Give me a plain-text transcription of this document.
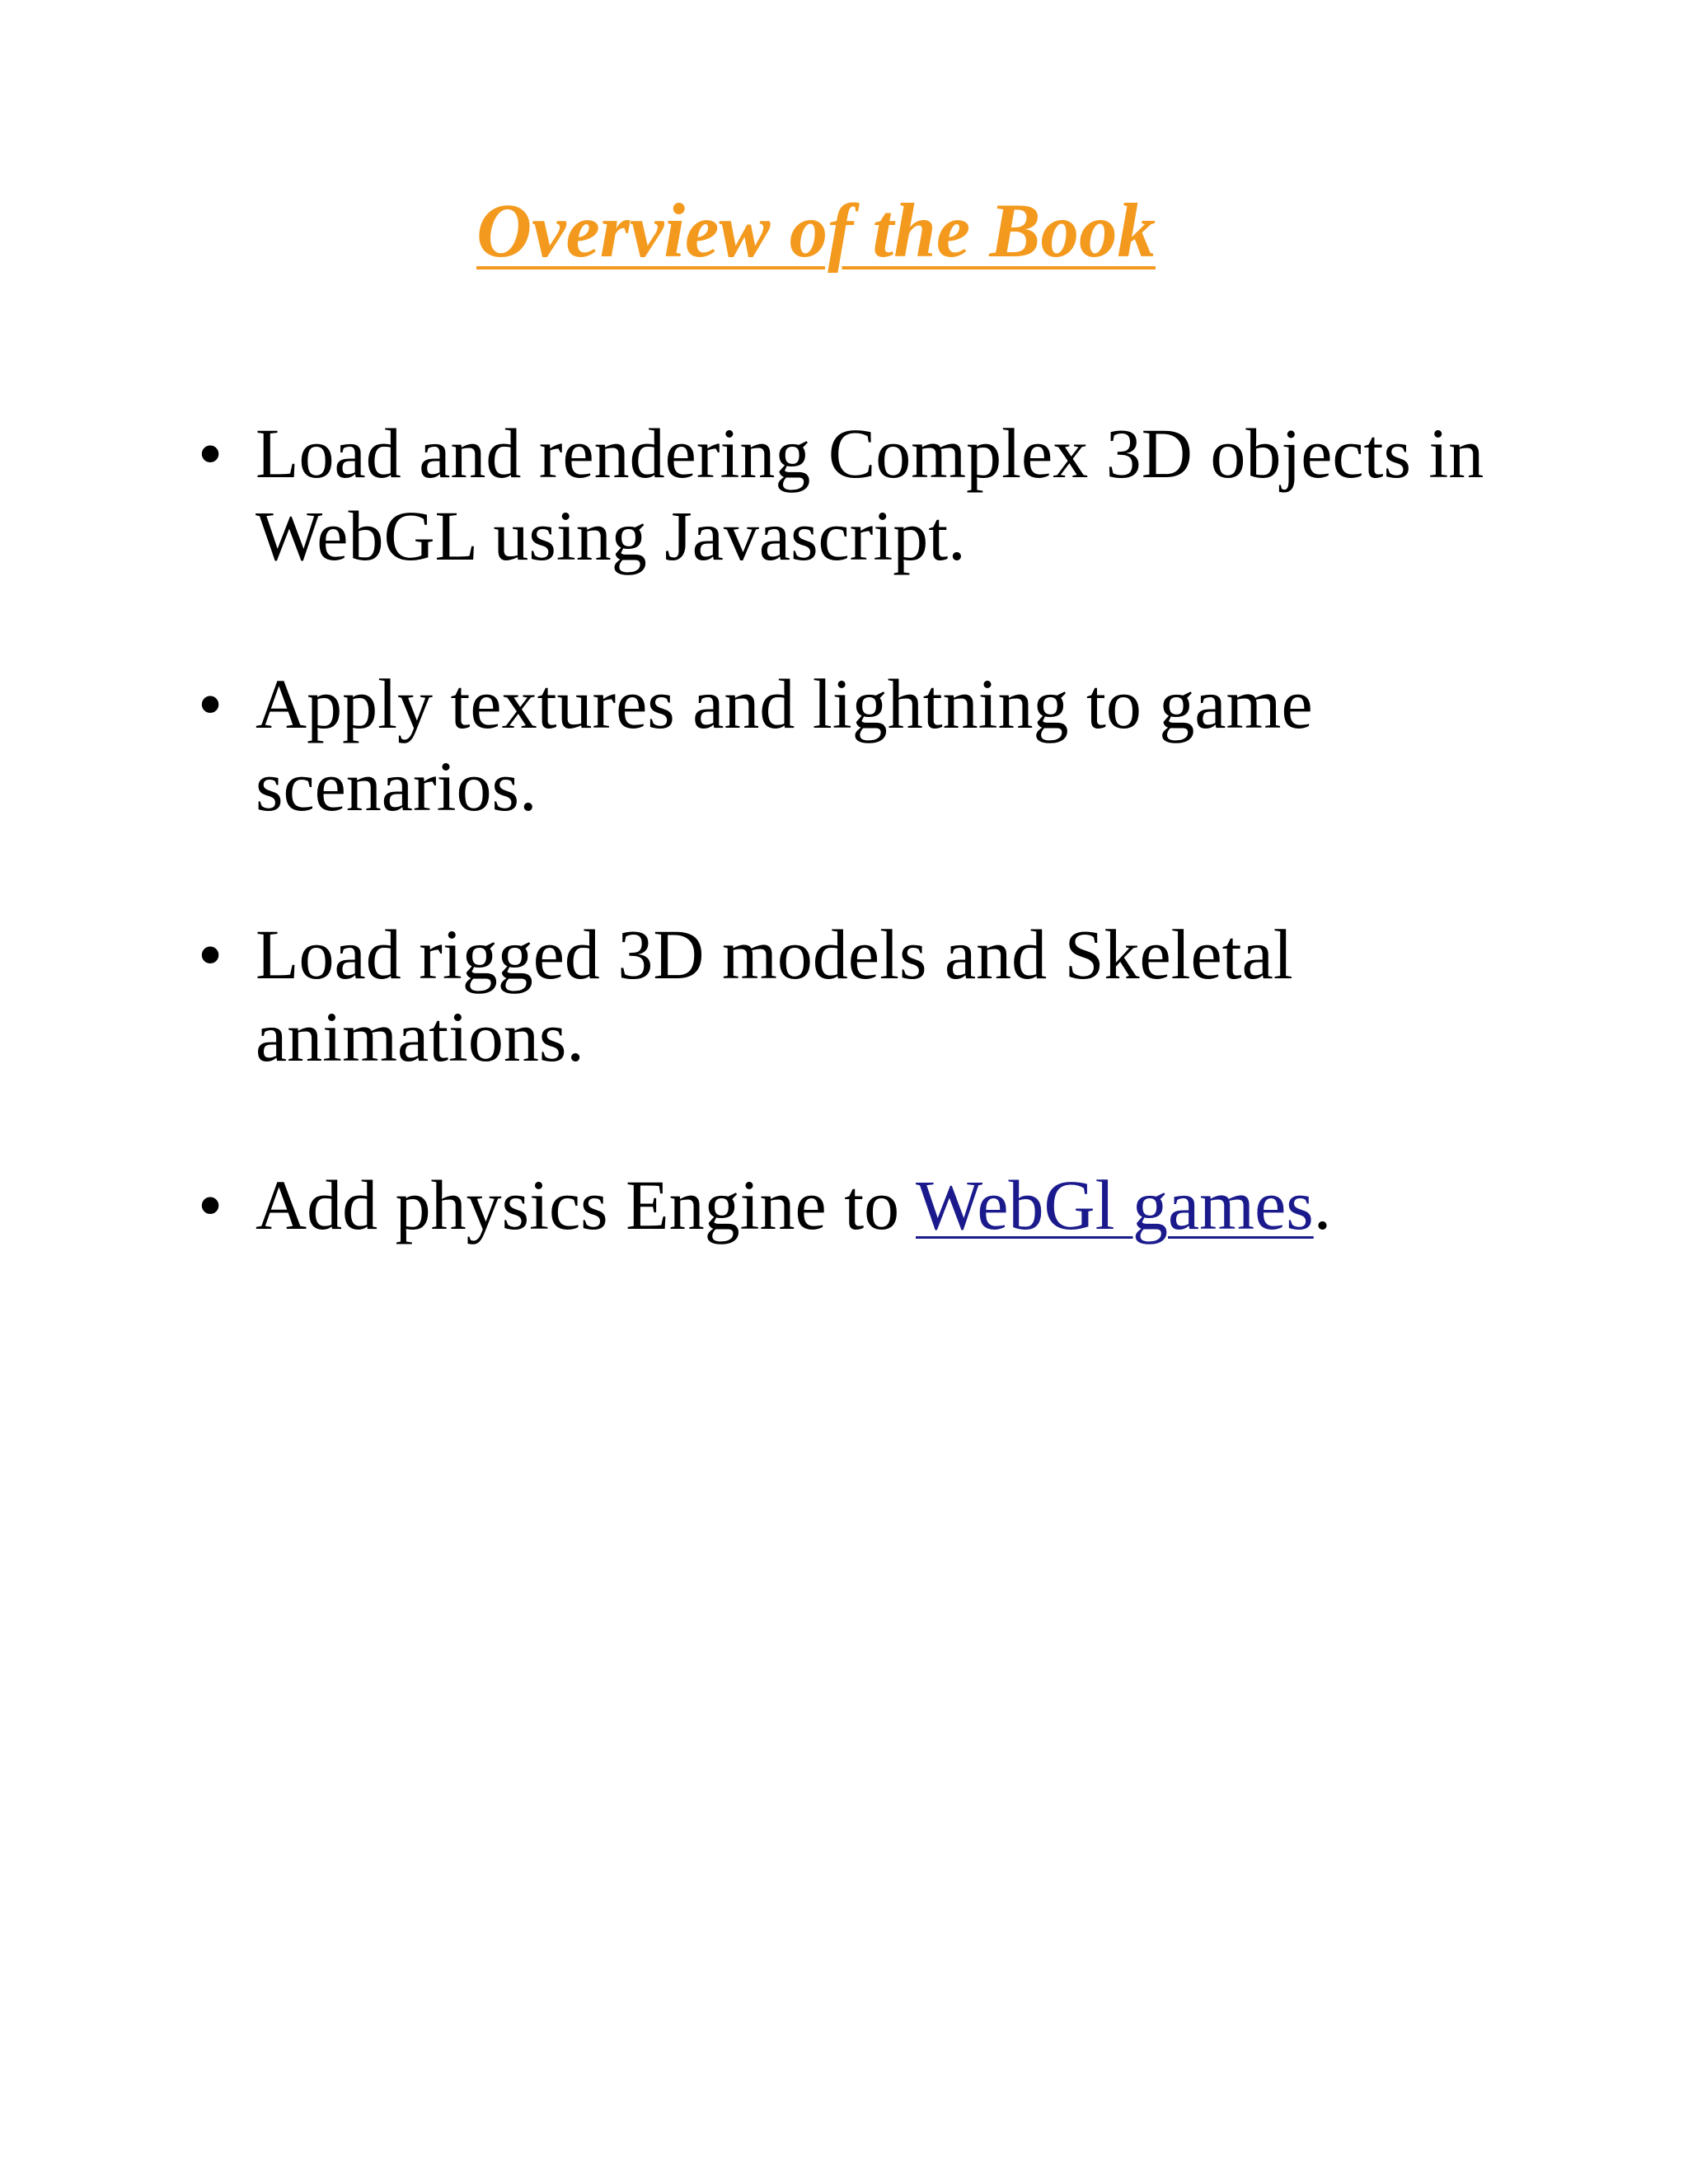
Overview of the Book
• Load and rendering Complex 3D objects in WebGL using Javascript.
• Apply textures and lightning to game scenarios.
• Load rigged 3D models and Skeletal animations.
• Add physics Engine to WebGl games.
